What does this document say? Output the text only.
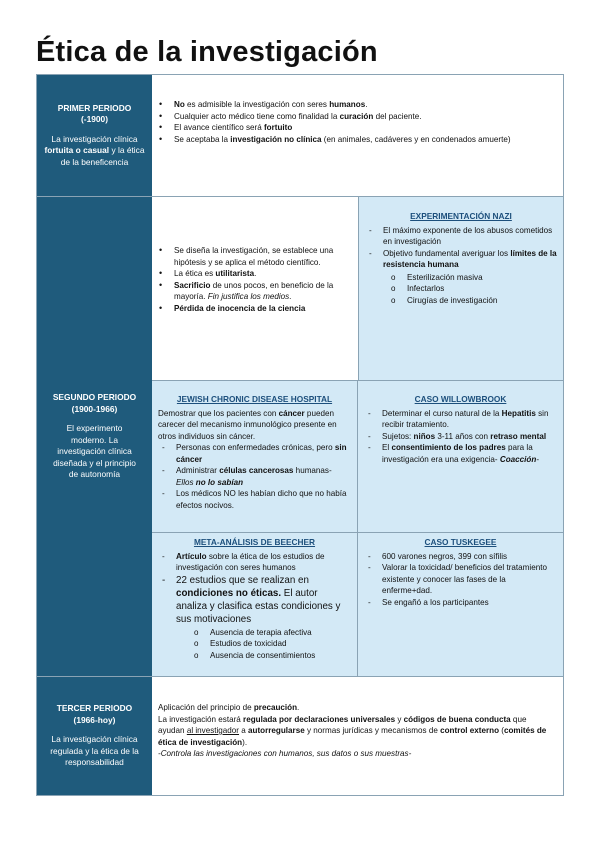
Ética de la investigación

PRIMER PERIODO
(-1900)

La investigación clínica fortuita o casual y la ética de la beneficencia

• No es admisible la investigación con seres humanos.
• Cualquier acto médico tiene como finalidad la curación del paciente.
• El avance científico será fortuito
• Se aceptaba la investigación no clínica (en animales, cadáveres y en condenados amuerte)

SEGUNDO PERIODO
(1900-1966)

El experimento moderno. La investigación clínica diseñada y el principio de autonomía

• Se diseña la investigación, se establece una hipótesis y se aplica el método científico.
• La ética es utilitarista.
• Sacrificio de unos pocos, en beneficio de la mayoría. Fin justifica los medios.
• Pérdida de inocencia de la ciencia
EXPERIMENTACIÓN NAZI
- El máximo exponente de los abusos cometidos en investigación
- Objetivo fundamental averiguar los límites de la resistencia humana
o Esterilización masiva
o Infectarlos
o Cirugías de investigación
JEWISH CHRONIC DISEASE HOSPITAL
Demostrar que los pacientes con cáncer pueden carecer del mecanismo inmunológico presente en otros individuos sin cáncer.
- Personas con enfermedades crónicas, pero sin cáncer
- Administrar células cancerosas humanas- Ellos no lo sabían
- Los médicos NO les habían dicho que no había efectos nocivos.
CASO WILLOWBROOK
- Determinar el curso natural de la Hepatitis sin recibir tratamiento.
- Sujetos: niños 3-11 años con retraso mental
- El consentimiento de los padres para la investigación era una exigencia- Coacción-
META-ANÁLISIS DE BEECHER
- Artículo sobre la ética de los estudios de investigación con seres humanos
- 22 estudios que se realizan en condiciones no éticas. El autor analiza y clasifica estas condiciones y sus motivaciones
o Ausencia de terapia afectiva
o Estudios de toxicidad
o Ausencia de consentimientos
CASO TUSKEGEE
- 600 varones negros, 399 con sífilis
- Valorar la toxicidad/ beneficios del tratamiento existente y conocer las fases de la enferme+dad.
- Se engañó a los participantes

TERCER PERIODO
(1966-hoy)

La investigación clínica regulada y la ética de la responsabilidad

Aplicación del principio de precaución.
La investigación estará regulada por declaraciones universales y códigos de buena conducta que ayudan al investigador a autorregularse y normas jurídicas y mecanismos de control externo (comités de ética de investigación).
-Controla las investigaciones con humanos, sus datos o sus muestras-
